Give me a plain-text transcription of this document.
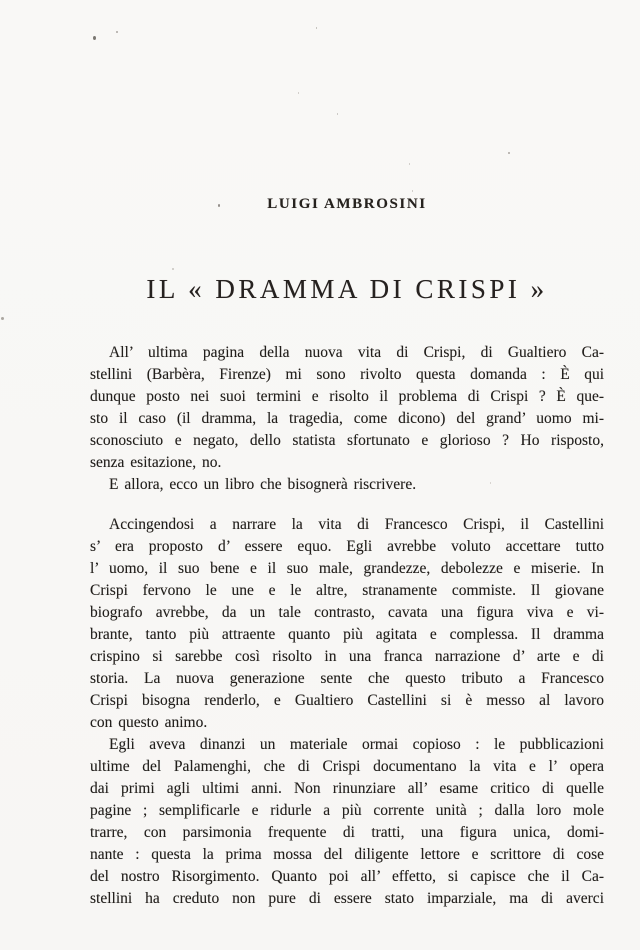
LUIGI AMBROSINI
IL « DRAMMA DI CRISPI »
All’ ultima pagina della nuova vita di Crispi, di Gualtiero Ca-
stellini (Barbèra, Firenze) mi sono rivolto questa domanda : È qui
dunque posto nei suoi termini e risolto il problema di Crispi ? È que-
sto il caso (il dramma, la tragedia, come dicono) del grand’ uomo mi-
sconosciuto e negato, dello statista sfortunato e glorioso ? Ho risposto,
senza esitazione, no.
E allora, ecco un libro che bisognerà riscrivere.
Accingendosi a narrare la vita di Francesco Crispi, il Castellini
s’ era proposto d’ essere equo. Egli avrebbe voluto accettare tutto
l’ uomo, il suo bene e il suo male, grandezze, debolezze e miserie. In
Crispi fervono le une e le altre, stranamente commiste. Il giovane
biografo avrebbe, da un tale contrasto, cavata una figura viva e vi-
brante, tanto più attraente quanto più agitata e complessa. Il dramma
crispino si sarebbe così risolto in una franca narrazione d’ arte e di
storia. La nuova generazione sente che questo tributo a Francesco
Crispi bisogna renderlo, e Gualtiero Castellini si è messo al lavoro
con questo animo.
Egli aveva dinanzi un materiale ormai copioso : le pubblicazioni
ultime del Palamenghi, che di Crispi documentano la vita e l’ opera
dai primi agli ultimi anni. Non rinunziare all’ esame critico di quelle
pagine ; semplificarle e ridurle a più corrente unità ; dalla loro mole
trarre, con parsimonia frequente di tratti, una figura unica, domi-
nante : questa la prima mossa del diligente lettore e scrittore di cose
del nostro Risorgimento. Quanto poi all’ effetto, si capisce che il Ca-
stellini ha creduto non pure di essere stato imparziale, ma di averci
